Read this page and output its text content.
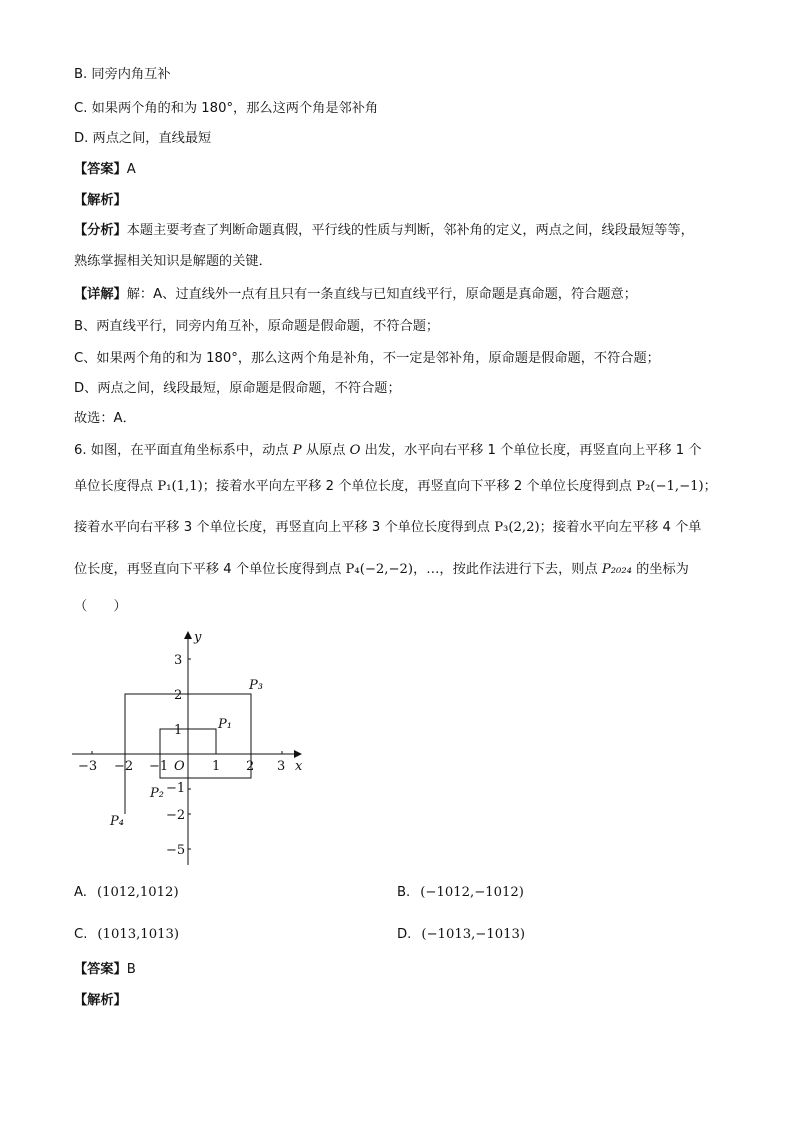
B. 同旁内角互补
C. 如果两个角的和为 180°，那么这两个角是邻补角
D. 两点之间，直线最短
【答案】A
【解析】
【分析】本题主要考查了判断命题真假，平行线的性质与判断，邻补角的定义，两点之间，线段最短等等，
熟练掌握相关知识是解题的关键．
【详解】解：A、过直线外一点有且只有一条直线与已知直线平行，原命题是真命题，符合题意；
B、两直线平行，同旁内角互补，原命题是假命题，不符合题；
C、如果两个角的和为 180°，那么这两个角是补角，不一定是邻补角，原命题是假命题，不符合题；
D、两点之间，线段最短，原命题是假命题，不符合题；
故选：A．
6. 如图，在平面直角坐标系中，动点 P 从原点 O 出发，水平向右平移 1 个单位长度，再竖直向上平移 1 个
单位长度得点 P₁(1,1)；接着水平向左平移 2 个单位长度，再竖直向下平移 2 个单位长度得到点 P₂(−1,−1)；
接着水平向右平移 3 个单位长度，再竖直向上平移 3 个单位长度得到点 P₃(2,2)；接着水平向左平移 4 个单
位长度，再竖直向下平移 4 个单位长度得到点 P₄(−2,−2)，…，按此作法进行下去，则点 P₂₀₂₄ 的坐标为
（　　）
−3 −2 −1	1 2 3 x
y
O
3
2
1
−1
−2
−5
P₁
P₂
P₃
P₄
A. (1012,1012)	B. (−1012,−1012)
C. (1013,1013)	D. (−1013,−1013)
【答案】B
【解析】
